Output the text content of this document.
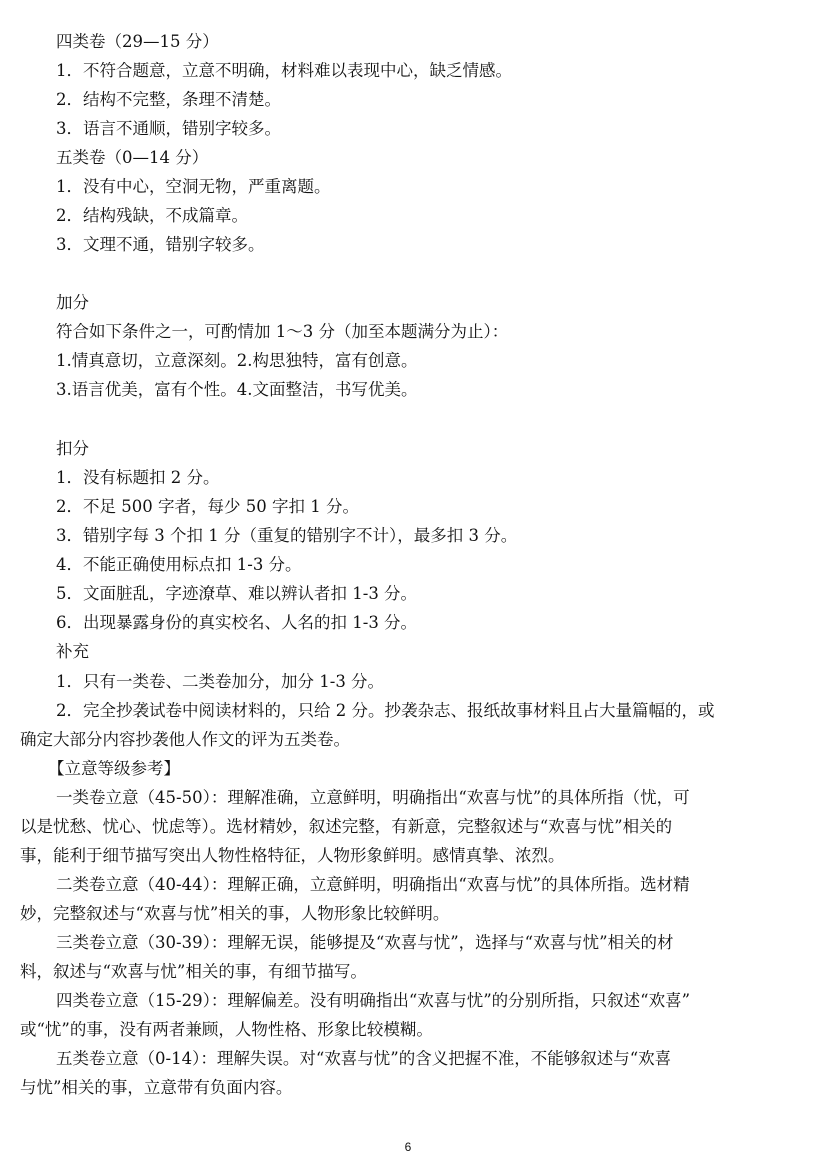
四类卷（29—15 分）
1．不符合题意，立意不明确，材料难以表现中心，缺乏情感。
2．结构不完整，条理不清楚。
3．语言不通顺，错别字较多。
五类卷（0—14 分）
1．没有中心，空洞无物，严重离题。
2．结构残缺，不成篇章。
3．文理不通，错别字较多。
加分
符合如下条件之一，可酌情加 1～3 分（加至本题满分为止）：
1.情真意切，立意深刻。2.构思独特，富有创意。
3.语言优美，富有个性。4.文面整洁，书写优美。
扣分
1．没有标题扣 2 分。
2．不足 500 字者，每少 50 字扣 1 分。
3．错别字每 3 个扣 1 分（重复的错别字不计），最多扣 3 分。
4．不能正确使用标点扣 1-3 分。
5．文面脏乱，字迹潦草、难以辨认者扣 1-3 分。
6．出现暴露身份的真实校名、人名的扣 1-3 分。
补充
1．只有一类卷、二类卷加分，加分 1-3 分。
2．完全抄袭试卷中阅读材料的，只给 2 分。抄袭杂志、报纸故事材料且占大量篇幅的，或
确定大部分内容抄袭他人作文的评为五类卷。
【立意等级参考】
一类卷立意（45-50）：理解准确，立意鲜明，明确指出“欢喜与忧”的具体所指（忧，可
以是忧愁、忧心、忧虑等）。选材精妙，叙述完整，有新意，完整叙述与“欢喜与忧”相关的
事，能利于细节描写突出人物性格特征，人物形象鲜明。感情真挚、浓烈。
二类卷立意（40-44）：理解正确，立意鲜明，明确指出“欢喜与忧”的具体所指。选材精
妙，完整叙述与“欢喜与忧”相关的事，人物形象比较鲜明。
三类卷立意（30-39）：理解无误，能够提及“欢喜与忧”，选择与“欢喜与忧”相关的材
料，叙述与“欢喜与忧”相关的事，有细节描写。
四类卷立意（15-29）：理解偏差。没有明确指出“欢喜与忧”的分别所指，只叙述“欢喜”
或“忧”的事，没有两者兼顾，人物性格、形象比较模糊。
五类卷立意（0-14）：理解失误。对“欢喜与忧”的含义把握不准，不能够叙述与“欢喜
与忧”相关的事，立意带有负面内容。
6
